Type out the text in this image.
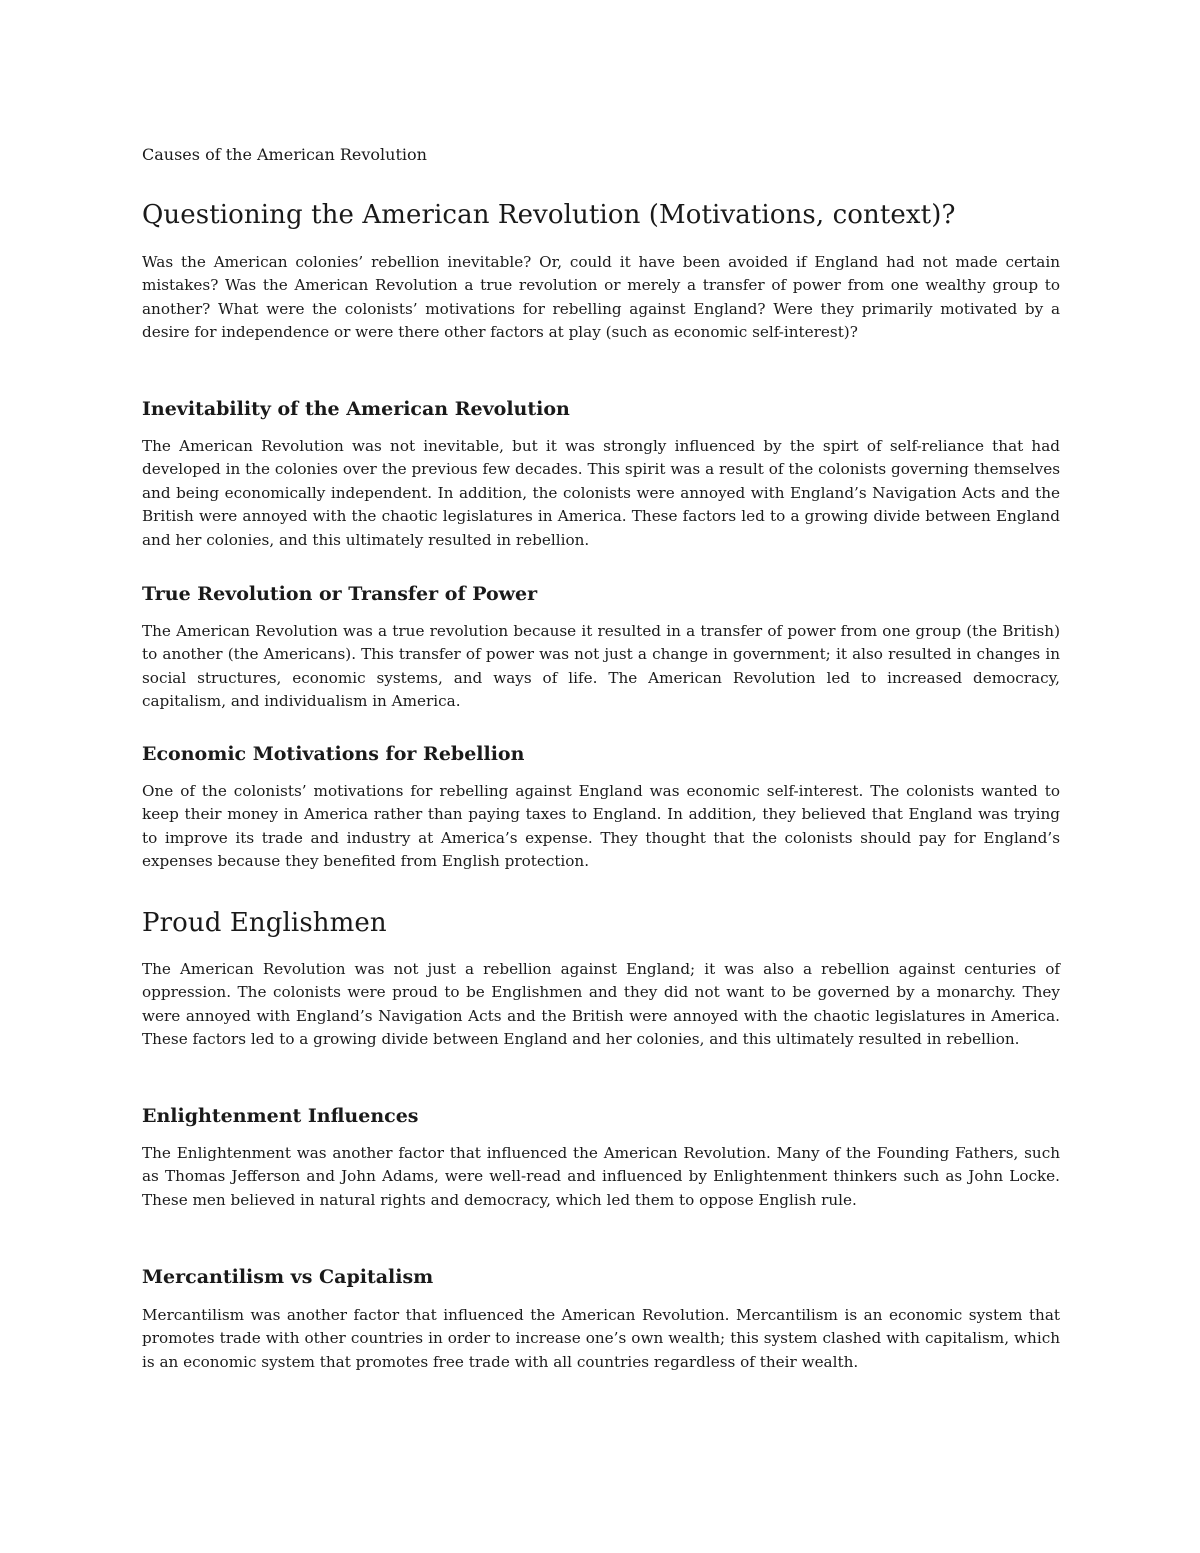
Causes of the American Revolution

Questioning the American Revolution (Motivations, context)?

Was the American colonies’ rebellion inevitable? Or, could it have been avoided if England had not made certain mistakes? Was the American Revolution a true revolution or merely a transfer of power from one wealthy group to another? What were the colonists’ motivations for rebelling against England? Were they primarily motivated by a desire for independence or were there other factors at play (such as economic self-interest)?

Inevitability of the American Revolution

The American Revolution was not inevitable, but it was strongly influenced by the spirt of self-reliance that had developed in the colonies over the previous few decades. This spirit was a result of the colonists governing themselves and being economically independent. In addition, the colonists were annoyed with England’s Navigation Acts and the British were annoyed with the chaotic legislatures in America. These factors led to a growing divide between England and her colonies, and this ultimately resulted in rebellion.

True Revolution or Transfer of Power

The American Revolution was a true revolution because it resulted in a transfer of power from one group (the British) to another (the Americans). This transfer of power was not just a change in government; it also resulted in changes in social structures, economic systems, and ways of life. The American Revolution led to increased democracy, capitalism, and individualism in America.

Economic Motivations for Rebellion

One of the colonists’ motivations for rebelling against England was economic self-interest. The colonists wanted to keep their money in America rather than paying taxes to England. In addition, they believed that England was trying to improve its trade and industry at America’s expense. They thought that the colonists should pay for England’s expenses because they benefited from English protection.

Proud Englishmen

The American Revolution was not just a rebellion against England; it was also a rebellion against centuries of oppression. The colonists were proud to be Englishmen and they did not want to be governed by a monarchy. They were annoyed with England’s Navigation Acts and the British were annoyed with the chaotic legislatures in America. These factors led to a growing divide between England and her colonies, and this ultimately resulted in rebellion.

Enlightenment Influences

The Enlightenment was another factor that influenced the American Revolution. Many of the Founding Fathers, such as Thomas Jefferson and John Adams, were well-read and influenced by Enlightenment thinkers such as John Locke. These men believed in natural rights and democracy, which led them to oppose English rule.

Mercantilism vs Capitalism

Mercantilism was another factor that influenced the American Revolution. Mercantilism is an economic system that promotes trade with other countries in order to increase one’s own wealth; this system clashed with capitalism, which is an economic system that promotes free trade with all countries regardless of their wealth.
